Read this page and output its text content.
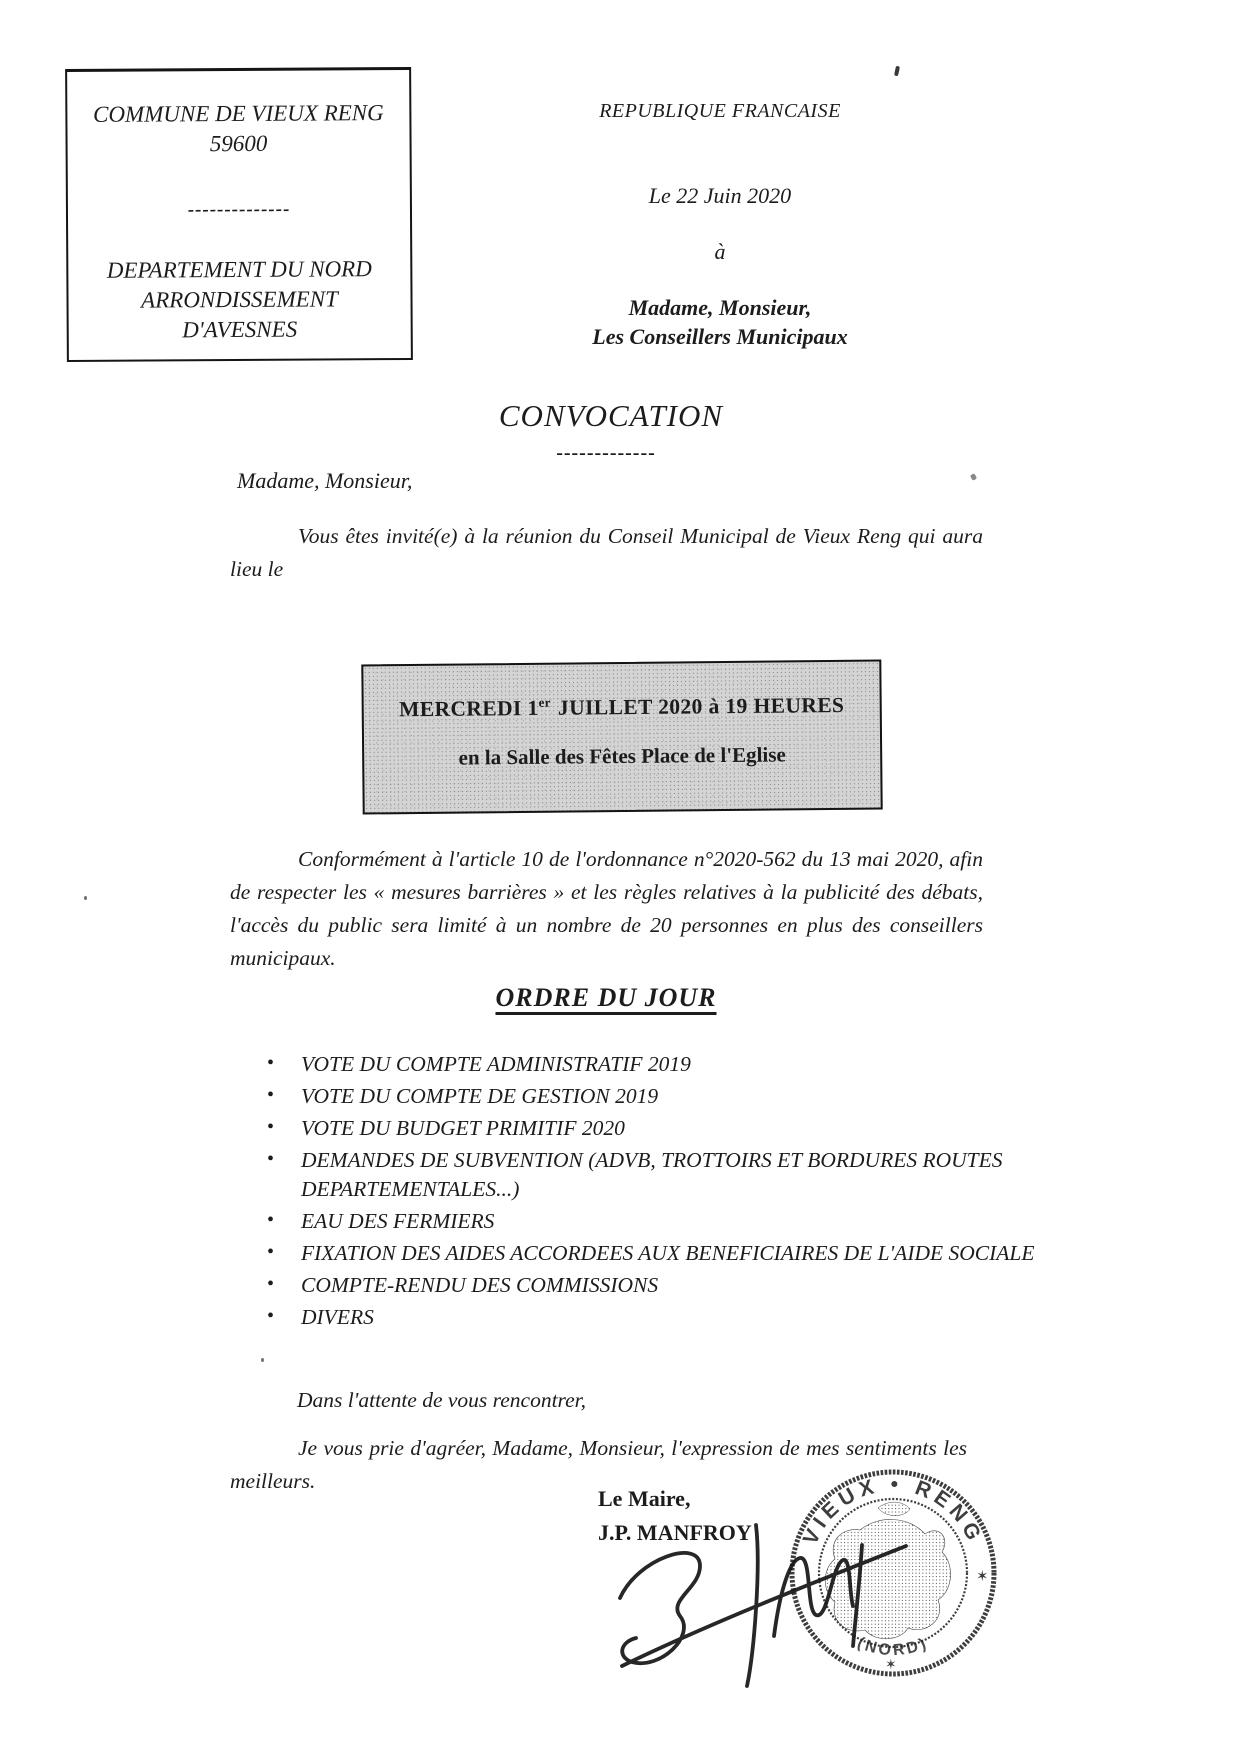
COMMUNE DE VIEUX RENG
59600
--------------
DEPARTEMENT DU NORD
ARRONDISSEMENT
D'AVESNES
REPUBLIQUE FRANCAISE
Le 22 Juin 2020
à
Madame, Monsieur,
Les Conseillers Municipaux
CONVOCATION
-------------
Madame, Monsieur,
Vous êtes invité(e) à la réunion du Conseil Municipal de Vieux Reng qui aura lieu le
MERCREDI 1er JUILLET 2020 à 19 HEURES
en la Salle des Fêtes Place de l'Eglise
Conformément à l'article 10 de l'ordonnance n°2020-562 du 13 mai 2020, afin de respecter les « mesures barrières » et les règles relatives à la publicité des débats, l'accès du public sera limité à un nombre de 20 personnes en plus des conseillers municipaux.
ORDRE DU JOUR
• VOTE DU COMPTE ADMINISTRATIF 2019
• VOTE DU COMPTE DE GESTION 2019
• VOTE DU BUDGET PRIMITIF 2020
• DEMANDES DE SUBVENTION (ADVB, TROTTOIRS ET BORDURES ROUTES DEPARTEMENTALES...)
• EAU DES FERMIERS
• FIXATION DES AIDES ACCORDEES AUX BENEFICIAIRES DE L'AIDE SOCIALE
• COMPTE-RENDU DES COMMISSIONS
• DIVERS
Dans l'attente de vous rencontrer,
Je vous prie d'agréer, Madame, Monsieur, l'expression de mes sentiments les meilleurs.
Le Maire,
J.P. MANFROY VIEUX • RENG
(NORD)
✶
✶
